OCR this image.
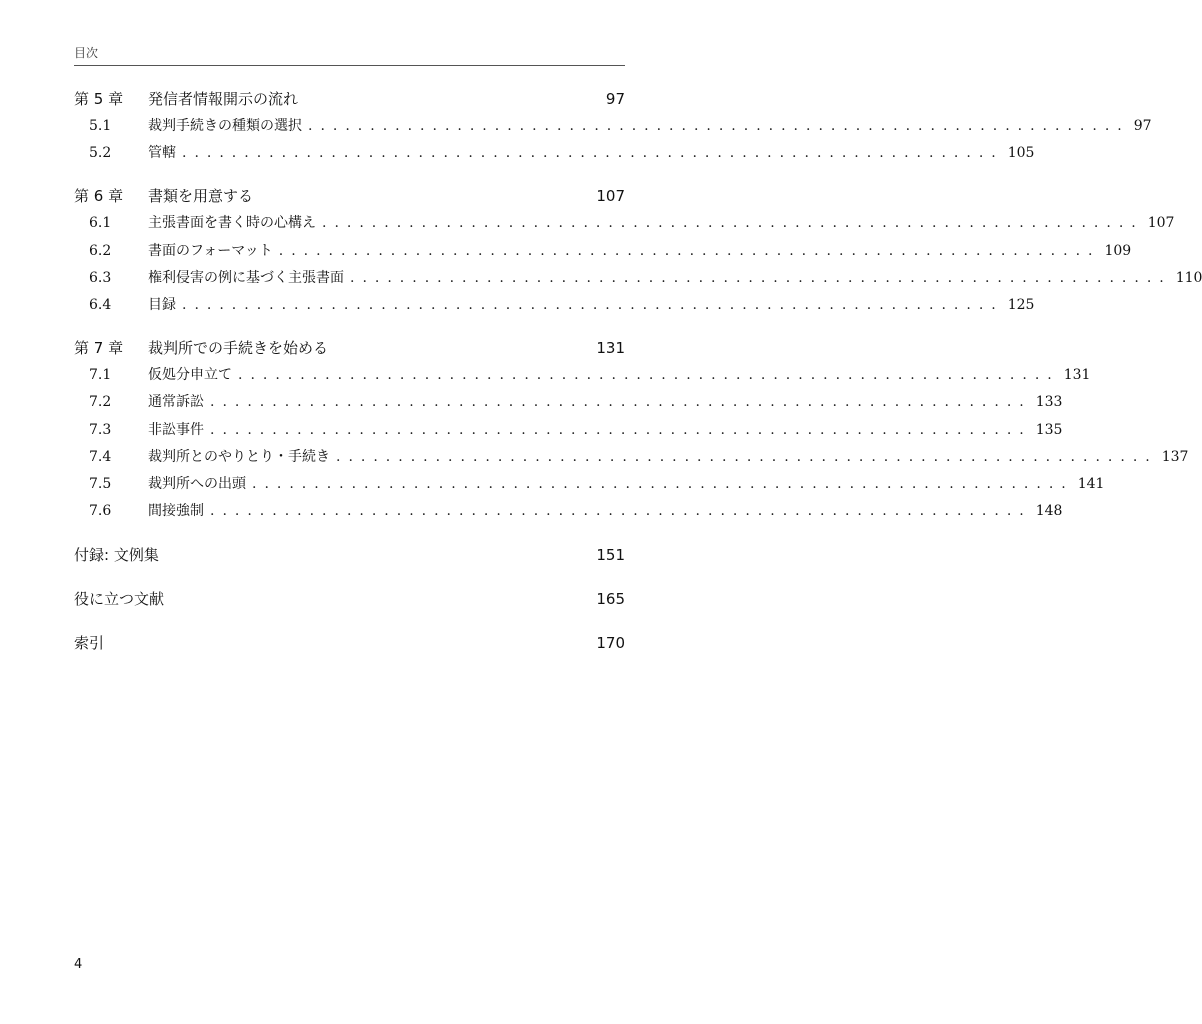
目次
第 5 章	発信者情報開示の流れ	97
5.1	裁判手続きの種類の選択 .................................................................. 97
5.2	管轄 .................................................................. 105
第 6 章	書類を用意する	107
6.1	主張書面を書く時の心構え .................................................................. 107
6.2	書面のフォーマット .................................................................. 109
6.3	権利侵害の例に基づく主張書面 .................................................................. 110
6.4	目録 .................................................................. 125
第 7 章	裁判所での手続きを始める	131
7.1	仮処分申立て .................................................................. 131
7.2	通常訴訟 .................................................................. 133
7.3	非訟事件 .................................................................. 135
7.4	裁判所とのやりとり・手続き .................................................................. 137
7.5	裁判所への出頭 .................................................................. 141
7.6	間接強制 .................................................................. 148
付録: 文例集	151
役に立つ文献	165
索引	170
4
